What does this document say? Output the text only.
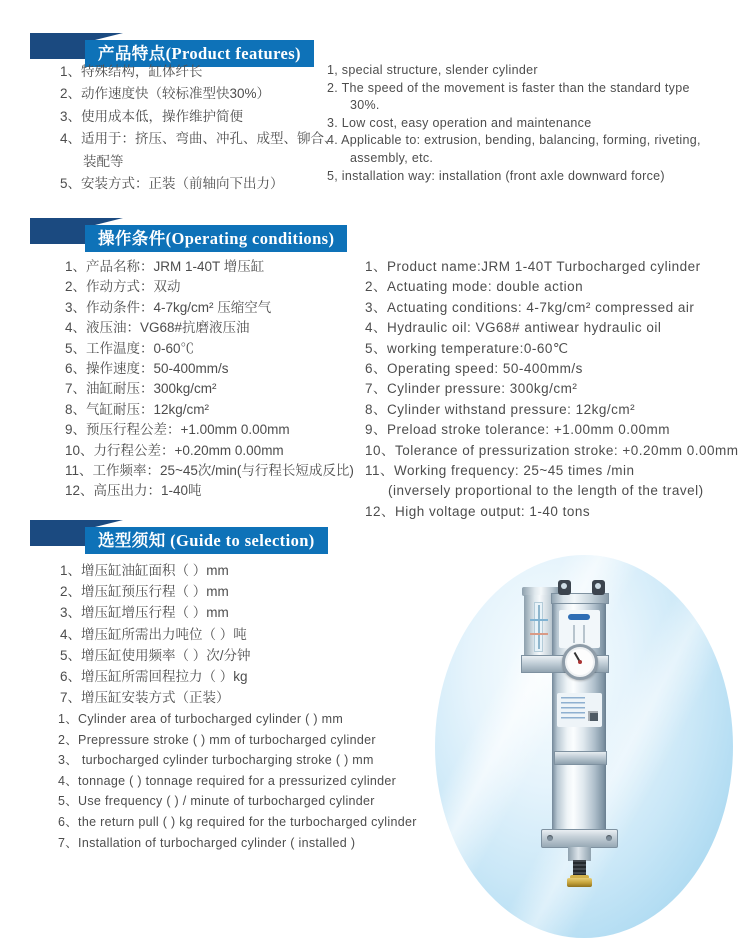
产品特点(Product features)
1、特殊结构，缸体纤长
2、动作速度快（较标准型快30%）
3、使用成本低，操作维护简便
4、适用于：挤压、弯曲、冲孔、成型、铆合、
装配等
5、安装方式：正装（前轴向下出力）
1, special structure, slender cylinder
2. The speed of the movement is faster than the standard type
30%.
3. Low cost, easy operation and maintenance
4. Applicable to: extrusion, bending, balancing, forming, riveting,
assembly, etc.
5, installation way: installation (front axle downward force)
操作条件(Operating conditions)
1、产品名称：JRM 1-40T 增压缸
2、作动方式：双动
3、作动条件：4-7kg/cm² 压缩空气
4、液压油：VG68#抗磨液压油
5、工作温度：0-60℃
6、操作速度：50-400mm/s
7、油缸耐压：300kg/cm²
8、气缸耐压：12kg/cm²
9、预压行程公差：+1.00mm 0.00mm
10、力行程公差：+0.20mm 0.00mm
11、工作频率：25~45次/min(与行程长短成反比)
12、高压出力：1-40吨
1、Product name:JRM 1-40T Turbocharged cylinder
2、Actuating mode: double action
3、Actuating conditions: 4-7kg/cm² compressed air
4、Hydraulic oil: VG68# antiwear hydraulic oil
5、working temperature:0-60℃
6、Operating speed: 50-400mm/s
7、Cylinder pressure: 300kg/cm²
8、Cylinder withstand pressure: 12kg/cm²
9、Preload stroke tolerance: +1.00mm 0.00mm
10、Tolerance of pressurization stroke: +0.20mm 0.00mm
11、Working frequency: 25~45 times /min
(inversely proportional to the length of the travel)
12、High voltage output: 1-40 tons
选型须知 (Guide to selection)
1、增压缸油缸面积（ ）mm
2、增压缸预压行程（ ）mm
3、增压缸增压行程（ ）mm
4、增压缸所需出力吨位（ ）吨
5、增压缸使用频率（ ）次/分钟
6、增压缸所需回程拉力（ ）kg
7、增压缸安装方式（正装）
1、Cylinder area of turbocharged cylinder ( ) mm
2、Prepressure stroke ( ) mm of turbocharged cylinder
3、 turbocharged cylinder turbocharging stroke ( ) mm
4、tonnage ( ) tonnage required for a pressurized cylinder
5、Use frequency ( ) / minute of turbocharged cylinder
6、the return pull ( ) kg required for the turbocharged cylinder
7、Installation of turbocharged cylinder ( installed )
